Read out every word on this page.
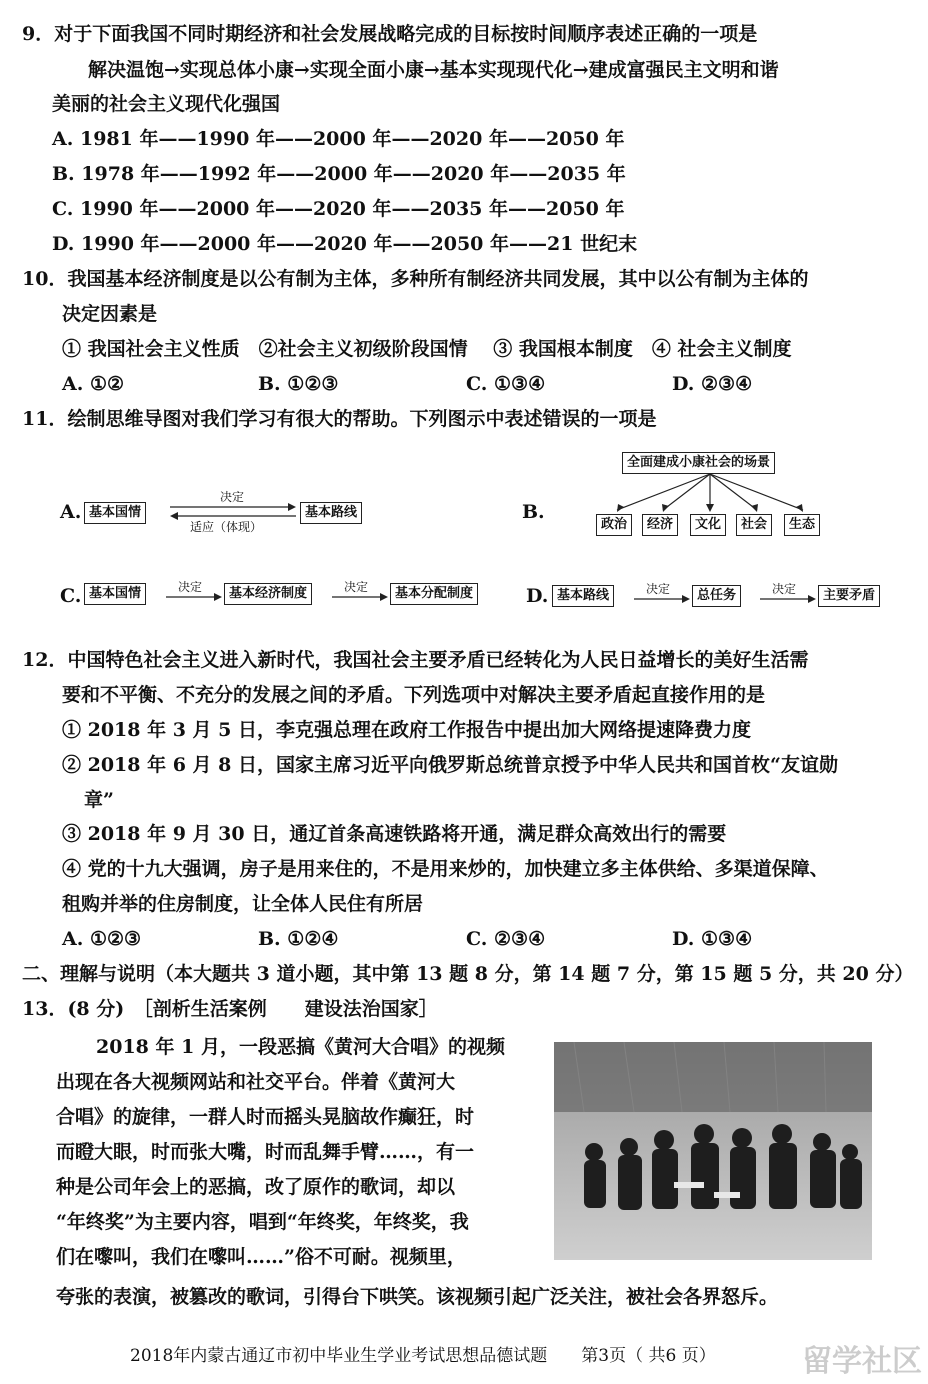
9．对于下面我国不同时期经济和社会发展战略完成的目标按时间顺序表述正确的一项是
解决温饱→实现总体小康→实现全面小康→基本实现现代化→建成富强民主文明和谐
美丽的社会主义现代化强国
A. 1981 年——1990 年——2000 年——2020 年——2050 年
B. 1978 年——1992 年——2000 年——2020 年——2035 年
C. 1990 年——2000 年——2020 年——2035 年——2050 年
D. 1990 年——2000 年——2020 年——2050 年——21 世纪末
10．我国基本经济制度是以公有制为主体，多种所有制经济共同发展，其中以公有制为主体的
决定因素是
① 我国社会主义性质　②社会主义初级阶段国情　 ③ 我国根本制度　④ 社会主义制度
A. ①②	B. ①②③	C. ①③④	D. ②③④
11．绘制思维导图对我们学习有很大的帮助。下列图示中表述错误的一项是
A. 基本国情	基本路线
决定
适应（体现）
B.
全面建成小康社会的场景
政治	经济	文化	社会	生态
C. 基本国情	决定	基本经济制度	决定	基本分配制度	D. 基本路线	决定	总任务	决定	主要矛盾
12．中国特色社会主义进入新时代，我国社会主要矛盾已经转化为人民日益增长的美好生活需
要和不平衡、不充分的发展之间的矛盾。下列选项中对解决主要矛盾起直接作用的是
① 2018 年 3 月 5 日，李克强总理在政府工作报告中提出加大网络提速降费力度
② 2018 年 6 月 8 日，国家主席习近平向俄罗斯总统普京授予中华人民共和国首枚“友谊勋
章”
③ 2018 年 9 月 30 日，通辽首条高速铁路将开通，满足群众高效出行的需要
④ 党的十九大强调，房子是用来住的，不是用来炒的，加快建立多主体供给、多渠道保障、
租购并举的住房制度，让全体人民住有所居
A. ①②③	B. ①②④	C. ②③④	D. ①③④
二、理解与说明（本大题共 3 道小题，其中第 13 题 8 分，第 14 题 7 分，第 15 题 5 分，共 20 分）
13．(8 分)　［剖析生活案例　　建设法治国家］
2018 年 1 月，一段恶搞《黄河大合唱》的视频
出现在各大视频网站和社交平台。伴着《黄河大
合唱》的旋律，一群人时而摇头晃脑故作癫狂，时
而瞪大眼，时而张大嘴，时而乱舞手臂……，有一
种是公司年会上的恶搞，改了原作的歌词，却以
“年终奖”为主要内容，唱到“年终奖，年终奖，我
们在嚟叫，我们在嚟叫……”俗不可耐。视频里，
夸张的表演，被篡改的歌词，引得台下哄笑。该视频引起广泛关注，被社会各界怒斥。
2018年内蒙古通辽市初中毕业生学业考试思想品德试题　　第3页（ 共6 页）	留学社区
